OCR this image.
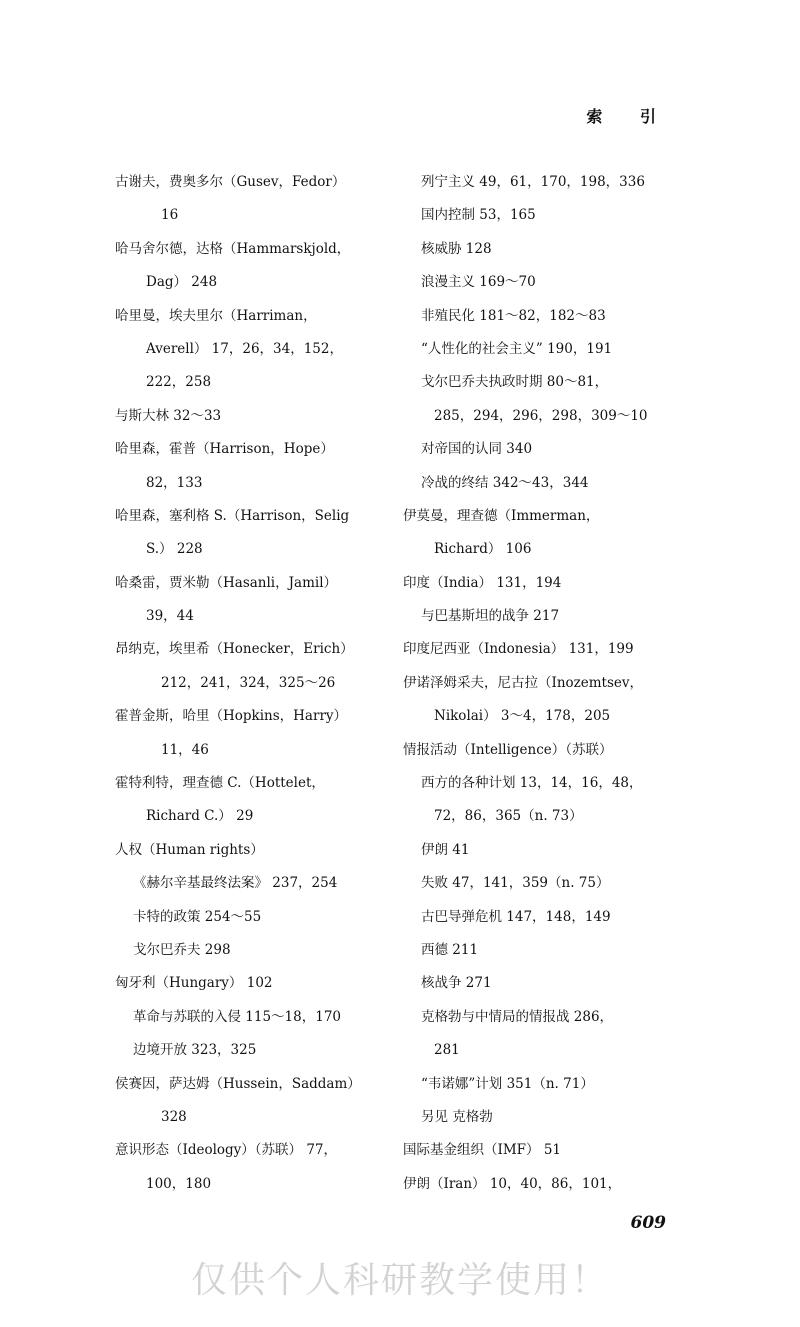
索 引
古谢夫，费奥多尔（Gusev，Fedor）
16
哈马舍尔德，达格（Hammarskjold，
Dag） 248
哈里曼，埃夫里尔（Harriman，
Averell） 17，26，34，152，
222，258
与斯大林 32～33
哈里森，霍普（Harrison，Hope）
82，133
哈里森，塞利格 S.（Harrison，Selig
S.） 228
哈桑雷，贾米勒（Hasanli，Jamil）
39，44
昂纳克，埃里希（Honecker，Erich）
212，241，324，325～26
霍普金斯，哈里（Hopkins，Harry）
11，46
霍特利特，理查德 C.（Hottelet，
Richard C.） 29
人权（Human rights）
《赫尔辛基最终法案》 237，254
卡特的政策 254～55
戈尔巴乔夫 298
匈牙利（Hungary） 102
革命与苏联的入侵 115～18，170
边境开放 323，325
侯赛因，萨达姆（Hussein，Saddam）
328
意识形态（Ideology）（苏联） 77，
100，180
列宁主义 49，61，170，198，336
国内控制 53，165
核威胁 128
浪漫主义 169～70
非殖民化 181～82，182～83
“人性化的社会主义” 190，191
戈尔巴乔夫执政时期 80～81，
285，294，296，298，309～10
对帝国的认同 340
冷战的终结 342～43，344
伊莫曼，理查德（Immerman，
Richard） 106
印度（India） 131，194
与巴基斯坦的战争 217
印度尼西亚（Indonesia） 131，199
伊诺泽姆采夫，尼古拉（Inozemtsev，
Nikolai） 3～4，178，205
情报活动（Intelligence）（苏联）
西方的各种计划 13，14，16，48，
72，86，365（n. 73）
伊朗 41
失败 47，141，359（n. 75）
古巴导弹危机 147，148，149
西德 211
核战争 271
克格勃与中情局的情报战 286，
281
“韦诺娜”计划 351（n. 71）
另见 克格勃
国际基金组织（IMF） 51
伊朗（Iran） 10，40，86，101，
609
仅供个人科研教学使用！
